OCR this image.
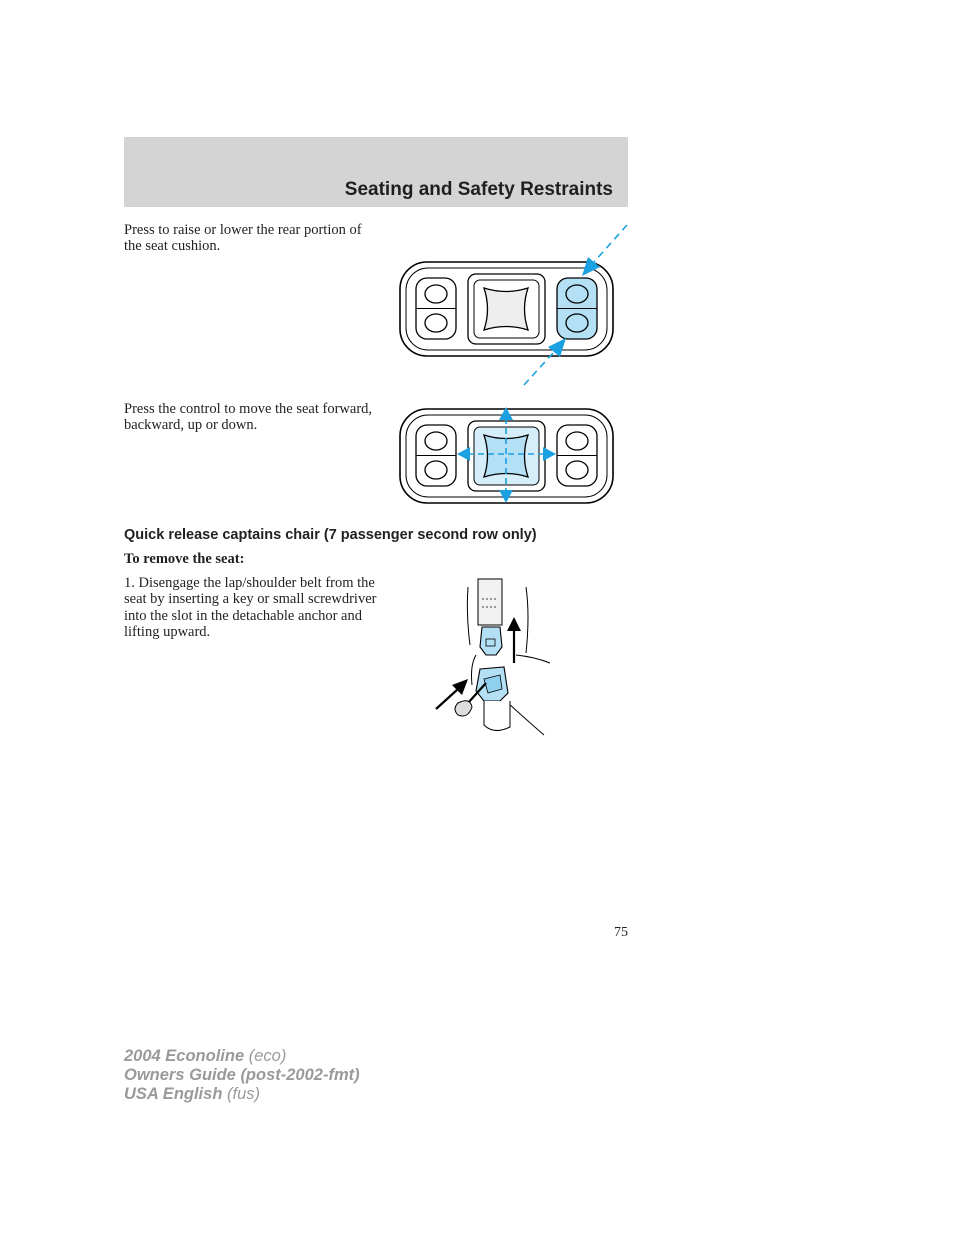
Seating and Safety Restraints

Press to raise or lower the rear portion of the seat cushion.

Press the control to move the seat forward, backward, up or down.

Quick release captains chair (7 passenger second row only)

To remove the seat:

1. Disengage the lap/shoulder belt from the seat by inserting a key or small screwdriver into the slot in the detachable anchor and lifting upward.

75
2004 Econoline (eco)
Owners Guide (post-2002-fmt)
USA English (fus)
